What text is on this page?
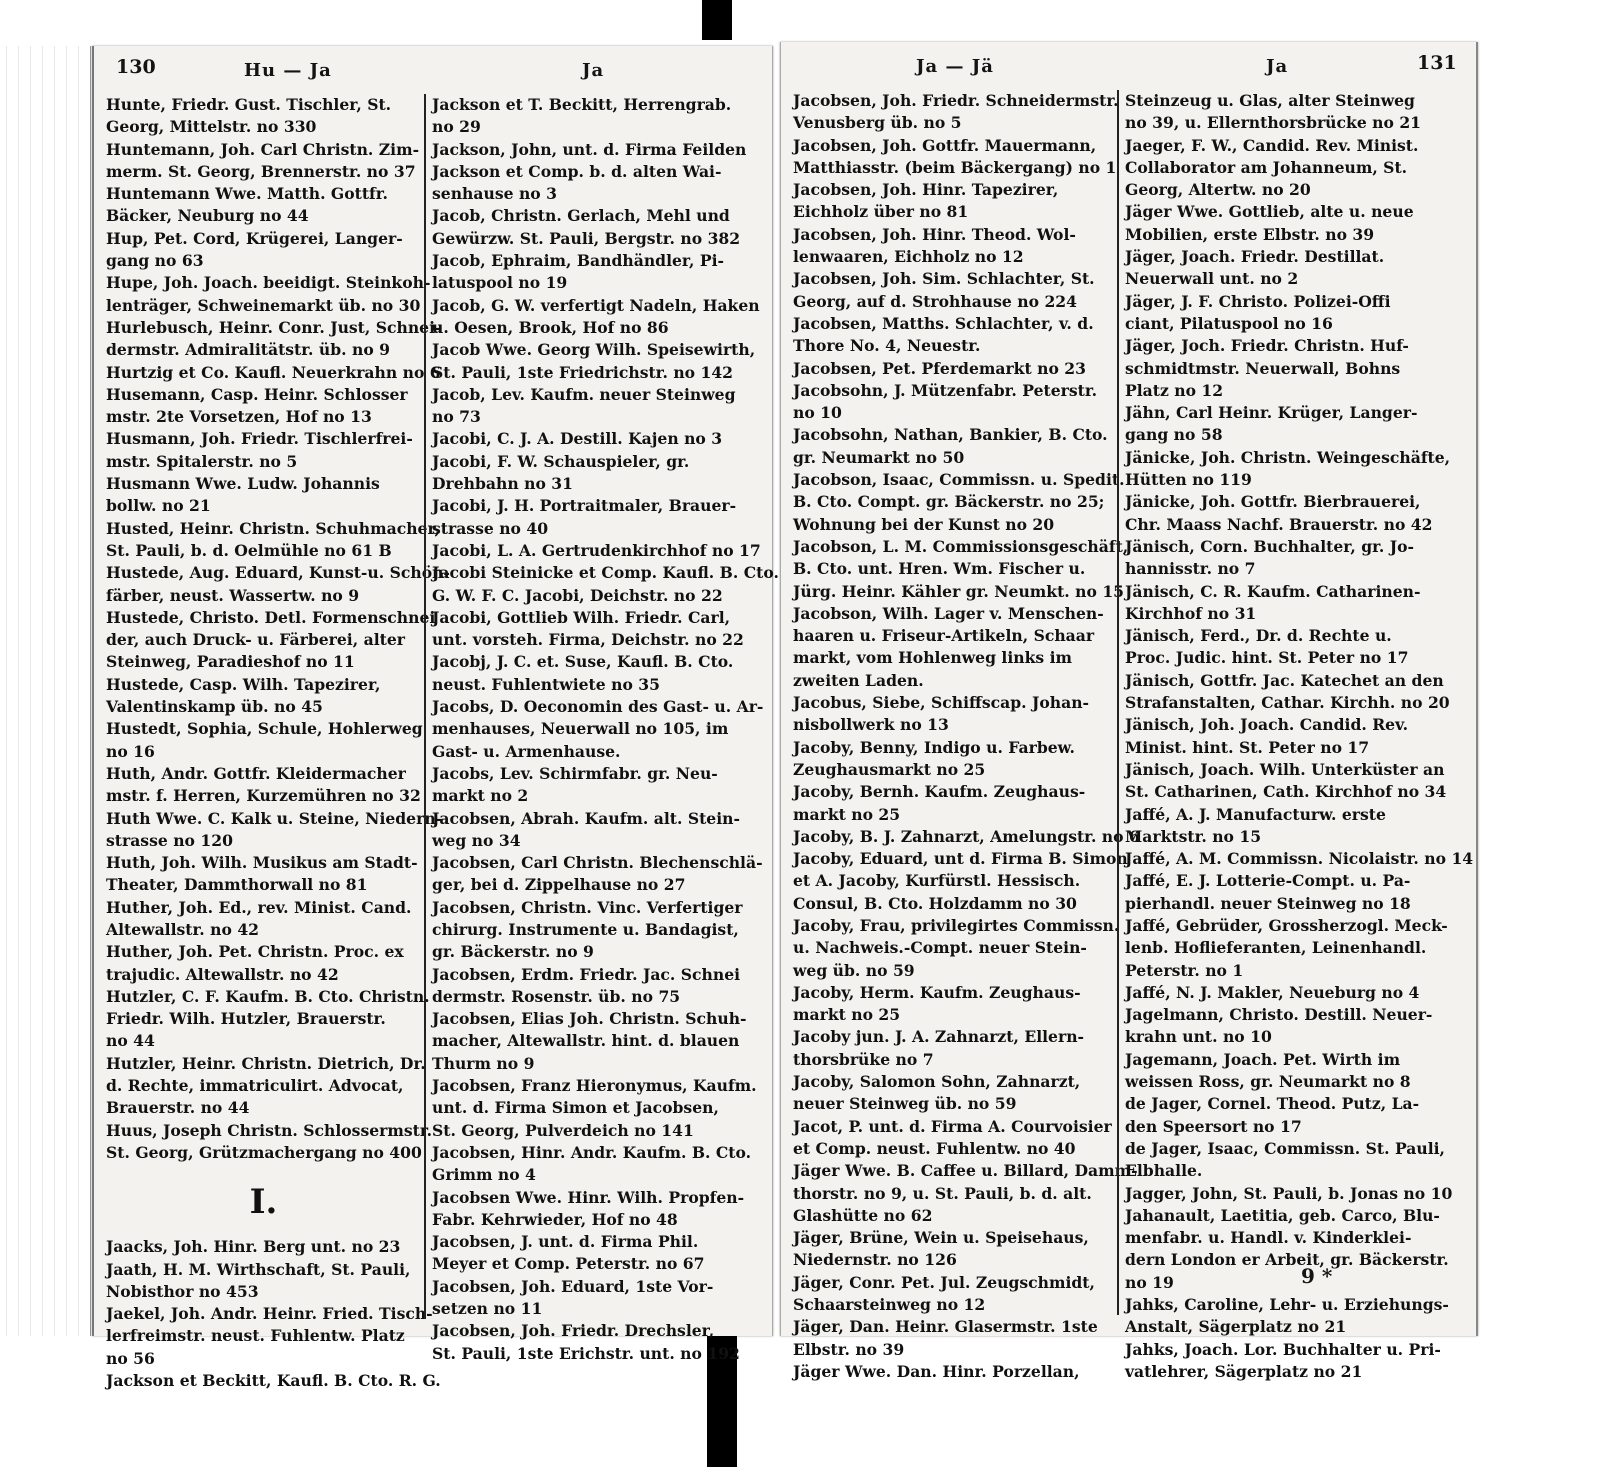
130	Hu — Ja	Ja
Hunte, Friedr. Gust. Tischler, St.
Georg, Mittelstr. no 330
Huntemann, Joh. Carl Christn. Zim-
merm. St. Georg, Brennerstr. no 37
Huntemann Wwe. Matth. Gottfr.
Bäcker, Neuburg no 44
Hup, Pet. Cord, Krügerei, Langer-
gang no 63
Hupe, Joh. Joach. beeidigt. Steinkoh-
lenträger, Schweinemarkt üb. no 30
Hurlebusch, Heinr. Conr. Just, Schnei-
dermstr. Admiralitätstr. üb. no 9
Hurtzig et Co. Kaufl. Neuerkrahn no 6
Husemann, Casp. Heinr. Schlosser
mstr. 2te Vorsetzen, Hof no 13
Husmann, Joh. Friedr. Tischlerfrei-
mstr. Spitalerstr. no 5
Husmann Wwe. Ludw. Johannis
bollw. no 21
Husted, Heinr. Christn. Schuhmacher,
St. Pauli, b. d. Oelmühle no 61 B
Hustede, Aug. Eduard, Kunst-u. Schön-
färber, neust. Wassertw. no 9
Hustede, Christo. Detl. Formenschnei
der, auch Druck- u. Färberei, alter
Steinweg, Paradieshof no 11
Hustede, Casp. Wilh. Tapezirer,
Valentinskamp üb. no 45
Hustedt, Sophia, Schule, Hohlerweg
no 16
Huth, Andr. Gottfr. Kleidermacher
mstr. f. Herren, Kurzemühren no 32
Huth Wwe. C. Kalk u. Steine, Niedern-
strasse no 120
Huth, Joh. Wilh. Musikus am Stadt-
Theater, Dammthorwall no 81
Huther, Joh. Ed., rev. Minist. Cand.
Altewallstr. no 42
Huther, Joh. Pet. Christn. Proc. ex
trajudic. Altewallstr. no 42
Hutzler, C. F. Kaufm. B. Cto. Christn.
Friedr. Wilh. Hutzler, Brauerstr.
no 44
Hutzler, Heinr. Christn. Dietrich, Dr.
d. Rechte, immatriculirt. Advocat,
Brauerstr. no 44
Huus, Joseph Christn. Schlossermstr.
St. Georg, Grützmachergang no 400
I.
Jaacks, Joh. Hinr. Berg unt. no 23
Jaath, H. M. Wirthschaft, St. Pauli,
Nobisthor no 453
Jaekel, Joh. Andr. Heinr. Fried. Tisch-
lerfreimstr. neust. Fuhlentw. Platz
no 56
Jackson et Beckitt, Kaufl. B. Cto. R. G.
Jackson et T. Beckitt, Herrengrab.
no 29
Jackson, John, unt. d. Firma Feilden
Jackson et Comp. b. d. alten Wai-
senhause no 3
Jacob, Christn. Gerlach, Mehl und
Gewürzw. St. Pauli, Bergstr. no 382
Jacob, Ephraim, Bandhändler, Pi-
latuspool no 19
Jacob, G. W. verfertigt Nadeln, Haken
u. Oesen, Brook, Hof no 86
Jacob Wwe. Georg Wilh. Speisewirth,
St. Pauli, 1ste Friedrichstr. no 142
Jacob, Lev. Kaufm. neuer Steinweg
no 73
Jacobi, C. J. A. Destill. Kajen no 3
Jacobi, F. W. Schauspieler, gr.
Drehbahn no 31
Jacobi, J. H. Portraitmaler, Brauer-
strasse no 40
Jacobi, L. A. Gertrudenkirchhof no 17
Jacobi Steinicke et Comp. Kaufl. B. Cto.
G. W. F. C. Jacobi, Deichstr. no 22
Jacobi, Gottlieb Wilh. Friedr. Carl,
unt. vorsteh. Firma, Deichstr. no 22
Jacobj, J. C. et. Suse, Kaufl. B. Cto.
neust. Fuhlentwiete no 35
Jacobs, D. Oeconomin des Gast- u. Ar-
menhauses, Neuerwall no 105, im
Gast- u. Armenhause.
Jacobs, Lev. Schirmfabr. gr. Neu-
markt no 2
Jacobsen, Abrah. Kaufm. alt. Stein-
weg no 34
Jacobsen, Carl Christn. Blechenschlä-
ger, bei d. Zippelhause no 27
Jacobsen, Christn. Vinc. Verfertiger
chirurg. Instrumente u. Bandagist,
gr. Bäckerstr. no 9
Jacobsen, Erdm. Friedr. Jac. Schnei
dermstr. Rosenstr. üb. no 75
Jacobsen, Elias Joh. Christn. Schuh-
macher, Altewallstr. hint. d. blauen
Thurm no 9
Jacobsen, Franz Hieronymus, Kaufm.
unt. d. Firma Simon et Jacobsen,
St. Georg, Pulverdeich no 141
Jacobsen, Hinr. Andr. Kaufm. B. Cto.
Grimm no 4
Jacobsen Wwe. Hinr. Wilh. Propfen-
Fabr. Kehrwieder, Hof no 48
Jacobsen, J. unt. d. Firma Phil.
Meyer et Comp. Peterstr. no 67
Jacobsen, Joh. Eduard, 1ste Vor-
setzen no 11
Jacobsen, Joh. Friedr. Drechsler,
St. Pauli, 1ste Erichstr. unt. no 192
Ja — Jä	Ja	131
Jacobsen, Joh. Friedr. Schneidermstr.
Venusberg üb. no 5
Jacobsen, Joh. Gottfr. Mauermann,
Matthiasstr. (beim Bäckergang) no 1
Jacobsen, Joh. Hinr. Tapezirer,
Eichholz über no 81
Jacobsen, Joh. Hinr. Theod. Wol-
lenwaaren, Eichholz no 12
Jacobsen, Joh. Sim. Schlachter, St.
Georg, auf d. Strohhause no 224
Jacobsen, Matths. Schlachter, v. d.
Thore No. 4, Neuestr.
Jacobsen, Pet. Pferdemarkt no 23
Jacobsohn, J. Mützenfabr. Peterstr.
no 10
Jacobsohn, Nathan, Bankier, B. Cto.
gr. Neumarkt no 50
Jacobson, Isaac, Commissn. u. Spedit.
B. Cto. Compt. gr. Bäckerstr. no 25;
Wohnung bei der Kunst no 20
Jacobson, L. M. Commissionsgeschäft,
B. Cto. unt. Hren. Wm. Fischer u.
Jürg. Heinr. Kähler gr. Neumkt. no 15
Jacobson, Wilh. Lager v. Menschen-
haaren u. Friseur-Artikeln, Schaar
markt, vom Hohlenweg links im
zweiten Laden.
Jacobus, Siebe, Schiffscap. Johan-
nisbollwerk no 13
Jacoby, Benny, Indigo u. Farbew.
Zeughausmarkt no 25
Jacoby, Bernh. Kaufm. Zeughaus-
markt no 25
Jacoby, B. J. Zahnarzt, Amelungstr. no 6
Jacoby, Eduard, unt d. Firma B. Simon
et A. Jacoby, Kurfürstl. Hessisch.
Consul, B. Cto. Holzdamm no 30
Jacoby, Frau, privilegirtes Commissn.
u. Nachweis.-Compt. neuer Stein-
weg üb. no 59
Jacoby, Herm. Kaufm. Zeughaus-
markt no 25
Jacoby jun. J. A. Zahnarzt, Ellern-
thorsbrüke no 7
Jacoby, Salomon Sohn, Zahnarzt,
neuer Steinweg üb. no 59
Jacot, P. unt. d. Firma A. Courvoisier
et Comp. neust. Fuhlentw. no 40
Jäger Wwe. B. Caffee u. Billard, Damm-
thorstr. no 9, u. St. Pauli, b. d. alt.
Glashütte no 62
Jäger, Brüne, Wein u. Speisehaus,
Niedernstr. no 126
Jäger, Conr. Pet. Jul. Zeugschmidt,
Schaarsteinweg no 12
Jäger, Dan. Heinr. Glasermstr. 1ste
Elbstr. no 39
Jäger Wwe. Dan. Hinr. Porzellan,
Steinzeug u. Glas, alter Steinweg
no 39, u. Ellernthorsbrücke no 21
Jaeger, F. W., Candid. Rev. Minist.
Collaborator am Johanneum, St.
Georg, Altertw. no 20
Jäger Wwe. Gottlieb, alte u. neue
Mobilien, erste Elbstr. no 39
Jäger, Joach. Friedr. Destillat.
Neuerwall unt. no 2
Jäger, J. F. Christo. Polizei-Offi
ciant, Pilatuspool no 16
Jäger, Joch. Friedr. Christn. Huf-
schmidtmstr. Neuerwall, Bohns
Platz no 12
Jähn, Carl Heinr. Krüger, Langer-
gang no 58
Jänicke, Joh. Christn. Weingeschäfte,
Hütten no 119
Jänicke, Joh. Gottfr. Bierbrauerei,
Chr. Maass Nachf. Brauerstr. no 42
Jänisch, Corn. Buchhalter, gr. Jo-
hannisstr. no 7
Jänisch, C. R. Kaufm. Catharinen-
Kirchhof no 31
Jänisch, Ferd., Dr. d. Rechte u.
Proc. Judic. hint. St. Peter no 17
Jänisch, Gottfr. Jac. Katechet an den
Strafanstalten, Cathar. Kirchh. no 20
Jänisch, Joh. Joach. Candid. Rev.
Minist. hint. St. Peter no 17
Jänisch, Joach. Wilh. Unterküster an
St. Catharinen, Cath. Kirchhof no 34
Jaffé, A. J. Manufacturw. erste
Marktstr. no 15
Jaffé, A. M. Commissn. Nicolaistr. no 14
Jaffé, E. J. Lotterie-Compt. u. Pa-
pierhandl. neuer Steinweg no 18
Jaffé, Gebrüder, Grossherzogl. Meck-
lenb. Hoflieferanten, Leinenhandl.
Peterstr. no 1
Jaffé, N. J. Makler, Neueburg no 4
Jagelmann, Christo. Destill. Neuer-
krahn unt. no 10
Jagemann, Joach. Pet. Wirth im
weissen Ross, gr. Neumarkt no 8
de Jager, Cornel. Theod. Putz, La-
den Speersort no 17
de Jager, Isaac, Commissn. St. Pauli,
Elbhalle.
Jagger, John, St. Pauli, b. Jonas no 10
Jahanault, Laetitia, geb. Carco, Blu-
menfabr. u. Handl. v. Kinderklei-
dern London er Arbeit, gr. Bäckerstr.
no 19
Jahks, Caroline, Lehr- u. Erziehungs-
Anstalt, Sägerplatz no 21
Jahks, Joach. Lor. Buchhalter u. Pri-
vatlehrer, Sägerplatz no 21
9 *
